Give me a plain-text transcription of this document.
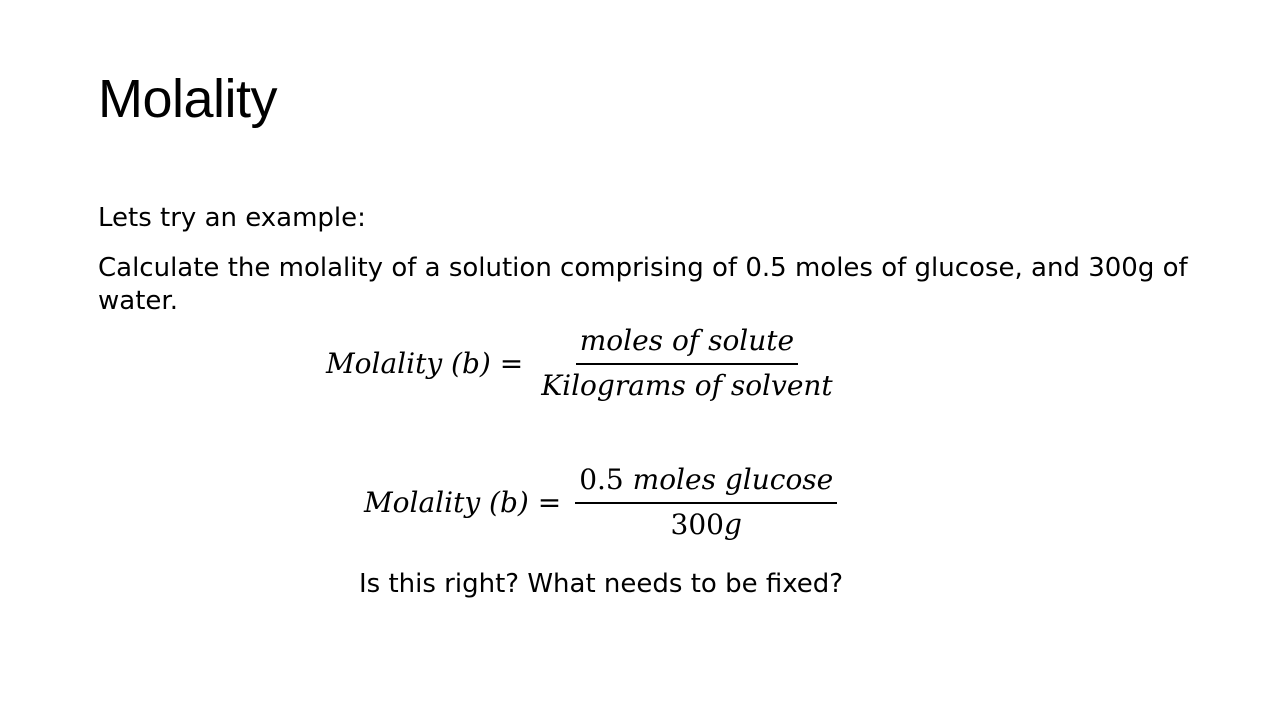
Molality
Lets try an example:
Calculate the molality of a solution comprising of 0.5 moles of glucose, and 300g of water.
Molality $(b) = \frac{\text{moles of solute}}{\text{Kilograms of solvent}}$
Molality $(b) = \frac{\text{0.5 moles glucose}}{300g}$
Is this right? What needs to be fixed?
